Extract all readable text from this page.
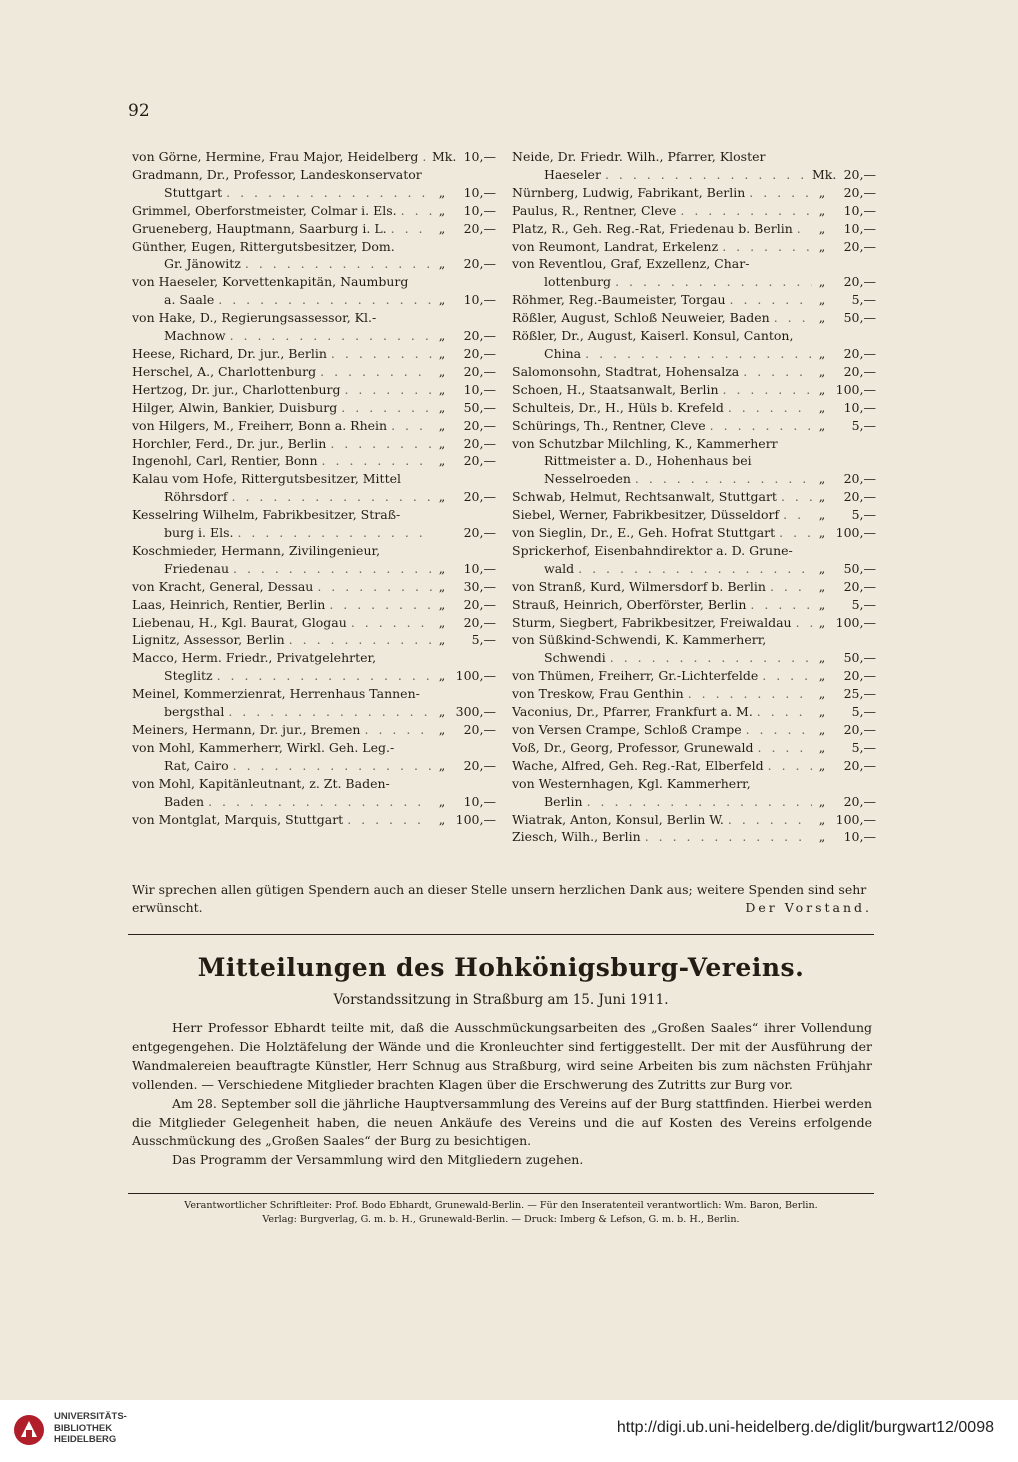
92
von Görne, Hermine, Frau Major, Heidelberg . . . Mk. 10,—
Gradmann, Dr., Professor, Landeskonservator
Stuttgart . . .	„	10,—
Grimmel, Oberforstmeister, Colmar i. Els. . . .	„	10,—
Grueneberg, Hauptmann, Saarburg i. L. . . .	„	20,—
Günther, Eugen, Rittergutsbesitzer, Dom.
Gr. Jänowitz . . .	„	20,—
von Haeseler, Korvettenkapitän, Naumburg
a. Saale . . .	„	10,—
von Hake, D., Regierungsassessor, Kl.-
Machnow . . .	„	20,—
Heese, Richard, Dr. jur., Berlin . . .	„	20,—
Herschel, A., Charlottenburg . . .	„	20,—
Hertzog, Dr. jur., Charlottenburg . . .	„	10,—
Hilger, Alwin, Bankier, Duisburg . . .	„	50,—
von Hilgers, M., Freiherr, Bonn a. Rhein . . .	„	20,—
Horchler, Ferd., Dr. jur., Berlin . . .	„	20,—
Ingenohl, Carl, Rentier, Bonn . . .	„	20,—
Kalau vom Hofe, Rittergutsbesitzer, Mittel
Röhrsdorf . . .	„	20,—
Kesselring Wilhelm, Fabrikbesitzer, Straß-
burg i. Els. . . .	20,—
Koschmieder, Hermann, Zivilingenieur,
Friedenau . . .	„	10,—
von Kracht, General, Dessau . . .	„	30,—
Laas, Heinrich, Rentier, Berlin . . .	„	20,—
Liebenau, H., Kgl. Baurat, Glogau . . .	„	20,—
Lignitz, Assessor, Berlin . . .	„	5,—
Macco, Herm. Friedr., Privatgelehrter,
Steglitz . . .	„ 100,—
Meinel, Kommerzienrat, Herrenhaus Tannen-
bergsthal . . .	„ 300,—
Meiners, Hermann, Dr. jur., Bremen . . .	„	20,—
von Mohl, Kammerherr, Wirkl. Geh. Leg.-
Rat, Cairo . . .	„	20,—
von Mohl, Kapitänleutnant, z. Zt. Baden-
Baden . . .	„	10,—
von Montglat, Marquis, Stuttgart . . .	„ 100,—
Neide, Dr. Friedr. Wilh., Pfarrer, Kloster
Haeseler . . .	Mk. 20,—
Nürnberg, Ludwig, Fabrikant, Berlin . . .	„	20,—
Paulus, R., Rentner, Cleve . . .	„	10,—
Platz, R., Geh. Reg.-Rat, Friedenau b. Berlin . . .	„	10,—
von Reumont, Landrat, Erkelenz . . .	„	20,—
von Reventlou, Graf, Exzellenz, Char-
lottenburg . . .	„	20,—
Röhmer, Reg.-Baumeister, Torgau . . .	„	5,—
Rößler, August, Schloß Neuweier, Baden . . .	„	50,—
Rößler, Dr., August, Kaiserl. Konsul, Canton,
China . . .	„	20,—
Salomonsohn, Stadtrat, Hohensalza . . .	„	20,—
Schoen, H., Staatsanwalt, Berlin . . .	„ 100,—
Schulteis, Dr., H., Hüls b. Krefeld . . .	„	10,—
Schürings, Th., Rentner, Cleve . . .	„	5,—
von Schutzbar Milchling, K., Kammerherr
Rittmeister a. D., Hohenhaus bei
Nesselroeden . . .	„	20,—
Schwab, Helmut, Rechtsanwalt, Stuttgart . . .	„	20,—
Siebel, Werner, Fabrikbesitzer, Düsseldorf . . .	„	5,—
von Sieglin, Dr., E., Geh. Hofrat Stuttgart . . .	„ 100,—
Sprickerhof, Eisenbahndirektor a. D. Grune-
wald . . .	„	50,—
von Stranß, Kurd, Wilmersdorf b. Berlin . . .	„	20,—
Strauß, Heinrich, Oberförster, Berlin . . .	„	5,—
Sturm, Siegbert, Fabrikbesitzer, Freiwaldau . . .	„ 100,—
von Süßkind-Schwendi, K. Kammerherr,
Schwendi . . .	„	50,—
von Thümen, Freiherr, Gr.-Lichterfelde . . .	„	20,—
von Treskow, Frau Genthin . . .	„	25,—
Vaconius, Dr., Pfarrer, Frankfurt a. M. . . .	„	5,—
von Versen Crampe, Schloß Crampe . . .	„	20,—
Voß, Dr., Georg, Professor, Grunewald . . .	„	5,—
Wache, Alfred, Geh. Reg.-Rat, Elberfeld . . .	„	20,—
von Westernhagen, Kgl. Kammerherr,
Berlin . . .	„	20,—
Wiatrak, Anton, Konsul, Berlin W. . . .	„ 100,—
Ziesch, Wilh., Berlin . . .	„	10,—
Wir sprechen allen gütigen Spendern auch an dieser Stelle unsern herzlichen Dank aus; weitere Spenden sind sehr erwünscht.	Der Vorstand.
Mitteilungen des Hohkönigsburg-Vereins.
Vorstandssitzung in Straßburg am 15. Juni 1911.

Herr Professor Ebhardt teilte mit, daß die Ausschmückungsarbeiten des „Großen Saales“ ihrer Vollendung entgegengehen. Die Holztäfelung der Wände und die Kronleuchter sind fertiggestellt. Der mit der Ausführung der Wandmalereien beauftragte Künstler, Herr Schnug aus Straßburg, wird seine Arbeiten bis zum nächsten Frühjahr vollenden. — Verschiedene Mitglieder brachten Klagen über die Erschwerung des Zutritts zur Burg vor.

Am 28. September soll die jährliche Hauptversammlung des Vereins auf der Burg stattfinden. Hierbei werden die Mitglieder Gelegenheit haben, die neuen Ankäufe des Vereins und die auf Kosten des Vereins erfolgende Ausschmückung des „Großen Saales“ der Burg zu besichtigen.

Das Programm der Versammlung wird den Mitgliedern zugehen.

Verantwortlicher Schriftleiter: Prof. Bodo Ebhardt, Grunewald-Berlin. — Für den Inseratenteil verantwortlich: Wm. Baron, Berlin.
Verlag: Burgverlag, G. m. b. H., Grunewald-Berlin. — Druck: Imberg & Lefson, G. m. b. H., Berlin.
UNIVERSITÄTS-
BIBLIOTHEK
HEIDELBERG
http://digi.ub.uni-heidelberg.de/diglit/burgwart12/0098
